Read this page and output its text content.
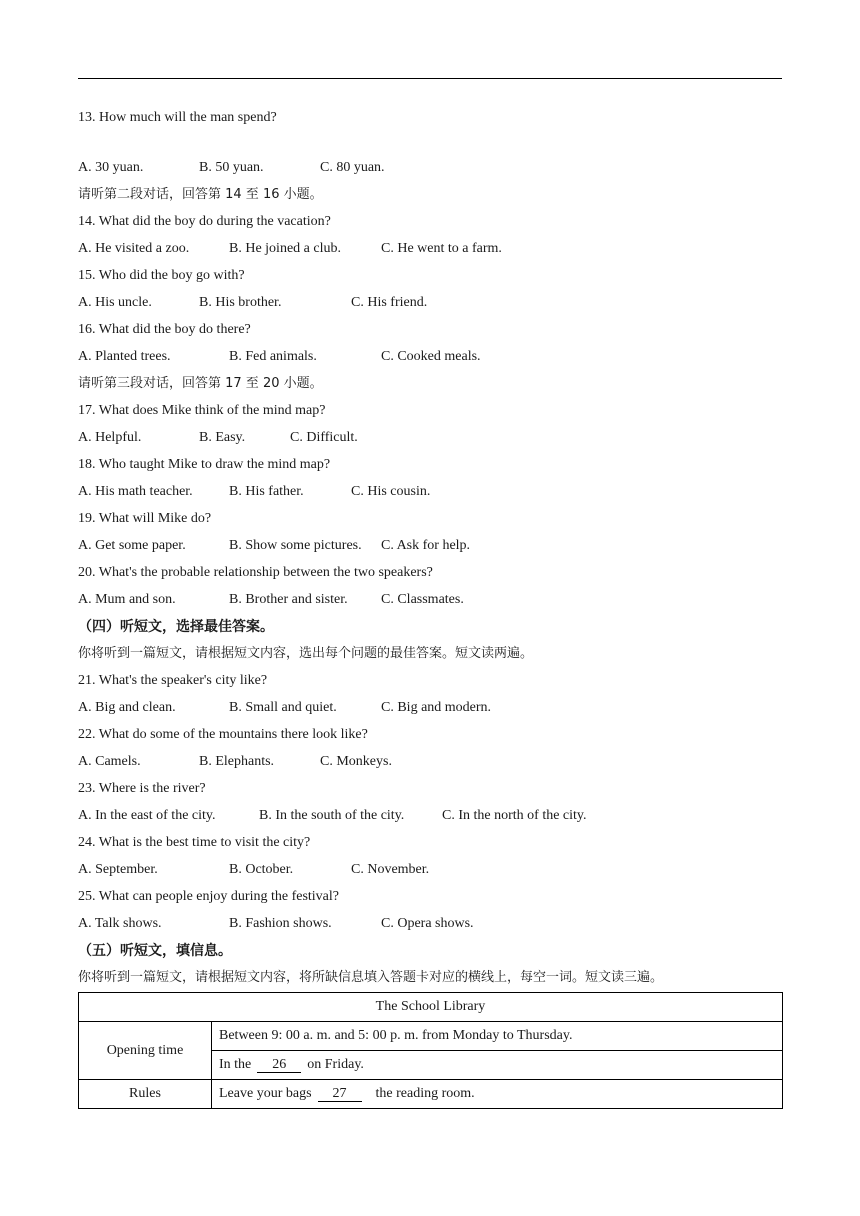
13. How much will the man spend?
A. 30 yuan.	B. 50 yuan.	C. 80 yuan.
请听第二段对话，回答第 14 至 16 小题。
14. What did the boy do during the vacation?
A. He visited a zoo.	B. He joined a club.	C. He went to a farm.
15. Who did the boy go with?
A. His uncle.	B. His brother.	C. His friend.
16. What did the boy do there?
A. Planted trees.	B. Fed animals.	C. Cooked meals.
请听第三段对话，回答第 17 至 20 小题。
17. What does Mike think of the mind map?
A. Helpful.	B. Easy.	C. Difficult.
18. Who taught Mike to draw the mind map?
A. His math teacher.	B. His father.	C. His cousin.
19. What will Mike do?
A. Get some paper.	B. Show some pictures. C. Ask for help.
20. What's the probable relationship between the two speakers?
A. Mum and son.	B. Brother and sister. C. Classmates.
（四）听短文，选择最佳答案。
你将听到一篇短文，请根据短文内容，选出每个问题的最佳答案。短文读两遍。
21. What's the speaker's city like?
A. Big and clean.	B. Small and quiet.	C. Big and modern.
22. What do some of the mountains there look like?
A. Camels.	B. Elephants.	C. Monkeys.
23. Where is the river?
A. In the east of the city.	B. In the south of the city.	C. In the north of the city.
24. What is the best time to visit the city?
A. September.	B. October.	C. November.
25. What can people enjoy during the festival?
A. Talk shows.	B. Fashion shows.	C. Opera shows.
（五）听短文，填信息。
你将听到一篇短文，请根据短文内容，将所缺信息填入答题卡对应的横线上，每空一词。短文读三遍。
The School Library	
Opening time	Between 9: 00 a. m. and 5: 00 p. m. from Monday to Thursday.
	In the 26 on Friday.
Rules	Leave your bags 27 the reading room.
